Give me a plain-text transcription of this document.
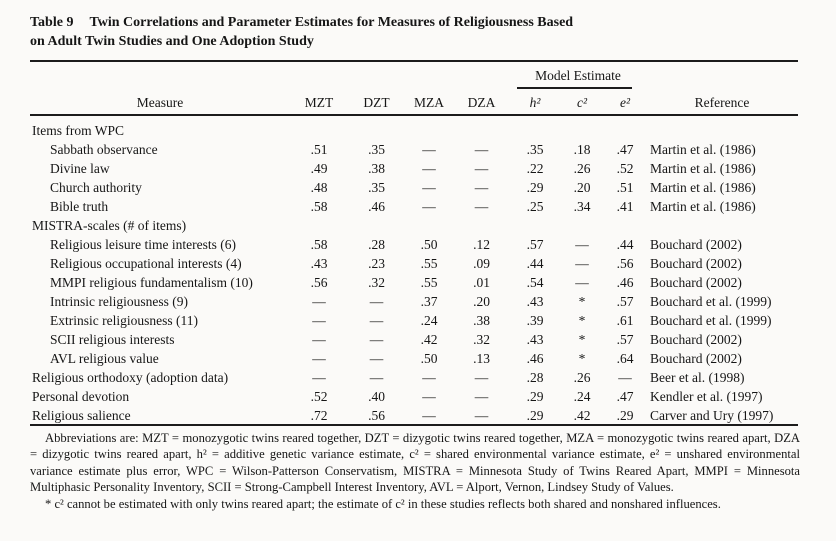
Table 9 Twin Correlations and Parameter Estimates for Measures of Religiousness Based
on Adult Twin Studies and One Adoption Study
Model Estimate
Measure	MZT	DZT	MZA	DZA	h²	c²	e²	Reference
Items from WPC
Sabbath observance	.51	.35	—	—	.35	.18	.47	Martin et al. (1986)
Divine law	.49	.38	—	—	.22	.26	.52	Martin et al. (1986)
Church authority	.48	.35	—	—	.29	.20	.51	Martin et al. (1986)
Bible truth	.58	.46	—	—	.25	.34	.41	Martin et al. (1986)
MISTRA-scales (# of items)
Religious leisure time interests (6)	.58	.28	.50	.12	.57	—	.44	Bouchard (2002)
Religious occupational interests (4)	.43	.23	.55	.09	.44	—	.56	Bouchard (2002)
MMPI religious fundamentalism (10)	.56	.32	.55	.01	.54	—	.46	Bouchard (2002)
Intrinsic religiousness (9)	—	—	.37	.20	.43	*	.57	Bouchard et al. (1999)
Extrinsic religiousness (11)	—	—	.24	.38	.39	*	.61	Bouchard et al. (1999)
SCII religious interests	—	—	.42	.32	.43	*	.57	Bouchard (2002)
AVL religious value	—	—	.50	.13	.46	*	.64	Bouchard (2002)
Religious orthodoxy (adoption data)	—	—	—	—	.28	.26	—	Beer et al. (1998)
Personal devotion	.52	.40	—	—	.29	.24	.47	Kendler et al. (1997)
Religious salience	.72	.56	—	—	.29	.42	.29	Carver and Ury (1997)

Abbreviations are: MZT = monozygotic twins reared together, DZT = dizygotic twins reared together, MZA = monozygotic twins reared apart, DZA = dizygotic twins reared apart, h² = additive genetic variance estimate, c² = shared environmental variance estimate, e² = unshared environmental variance estimate plus error, WPC = Wilson-Patterson Conservatism, MISTRA = Minnesota Study of Twins Reared Apart, MMPI = Minnesota Multiphasic Personality Inventory, SCII = Strong-Campbell Interest Inventory, AVL = Alport, Vernon, Lindsey Study of Values.

* c² cannot be estimated with only twins reared apart; the estimate of c² in these studies reflects both shared and nonshared influences.
